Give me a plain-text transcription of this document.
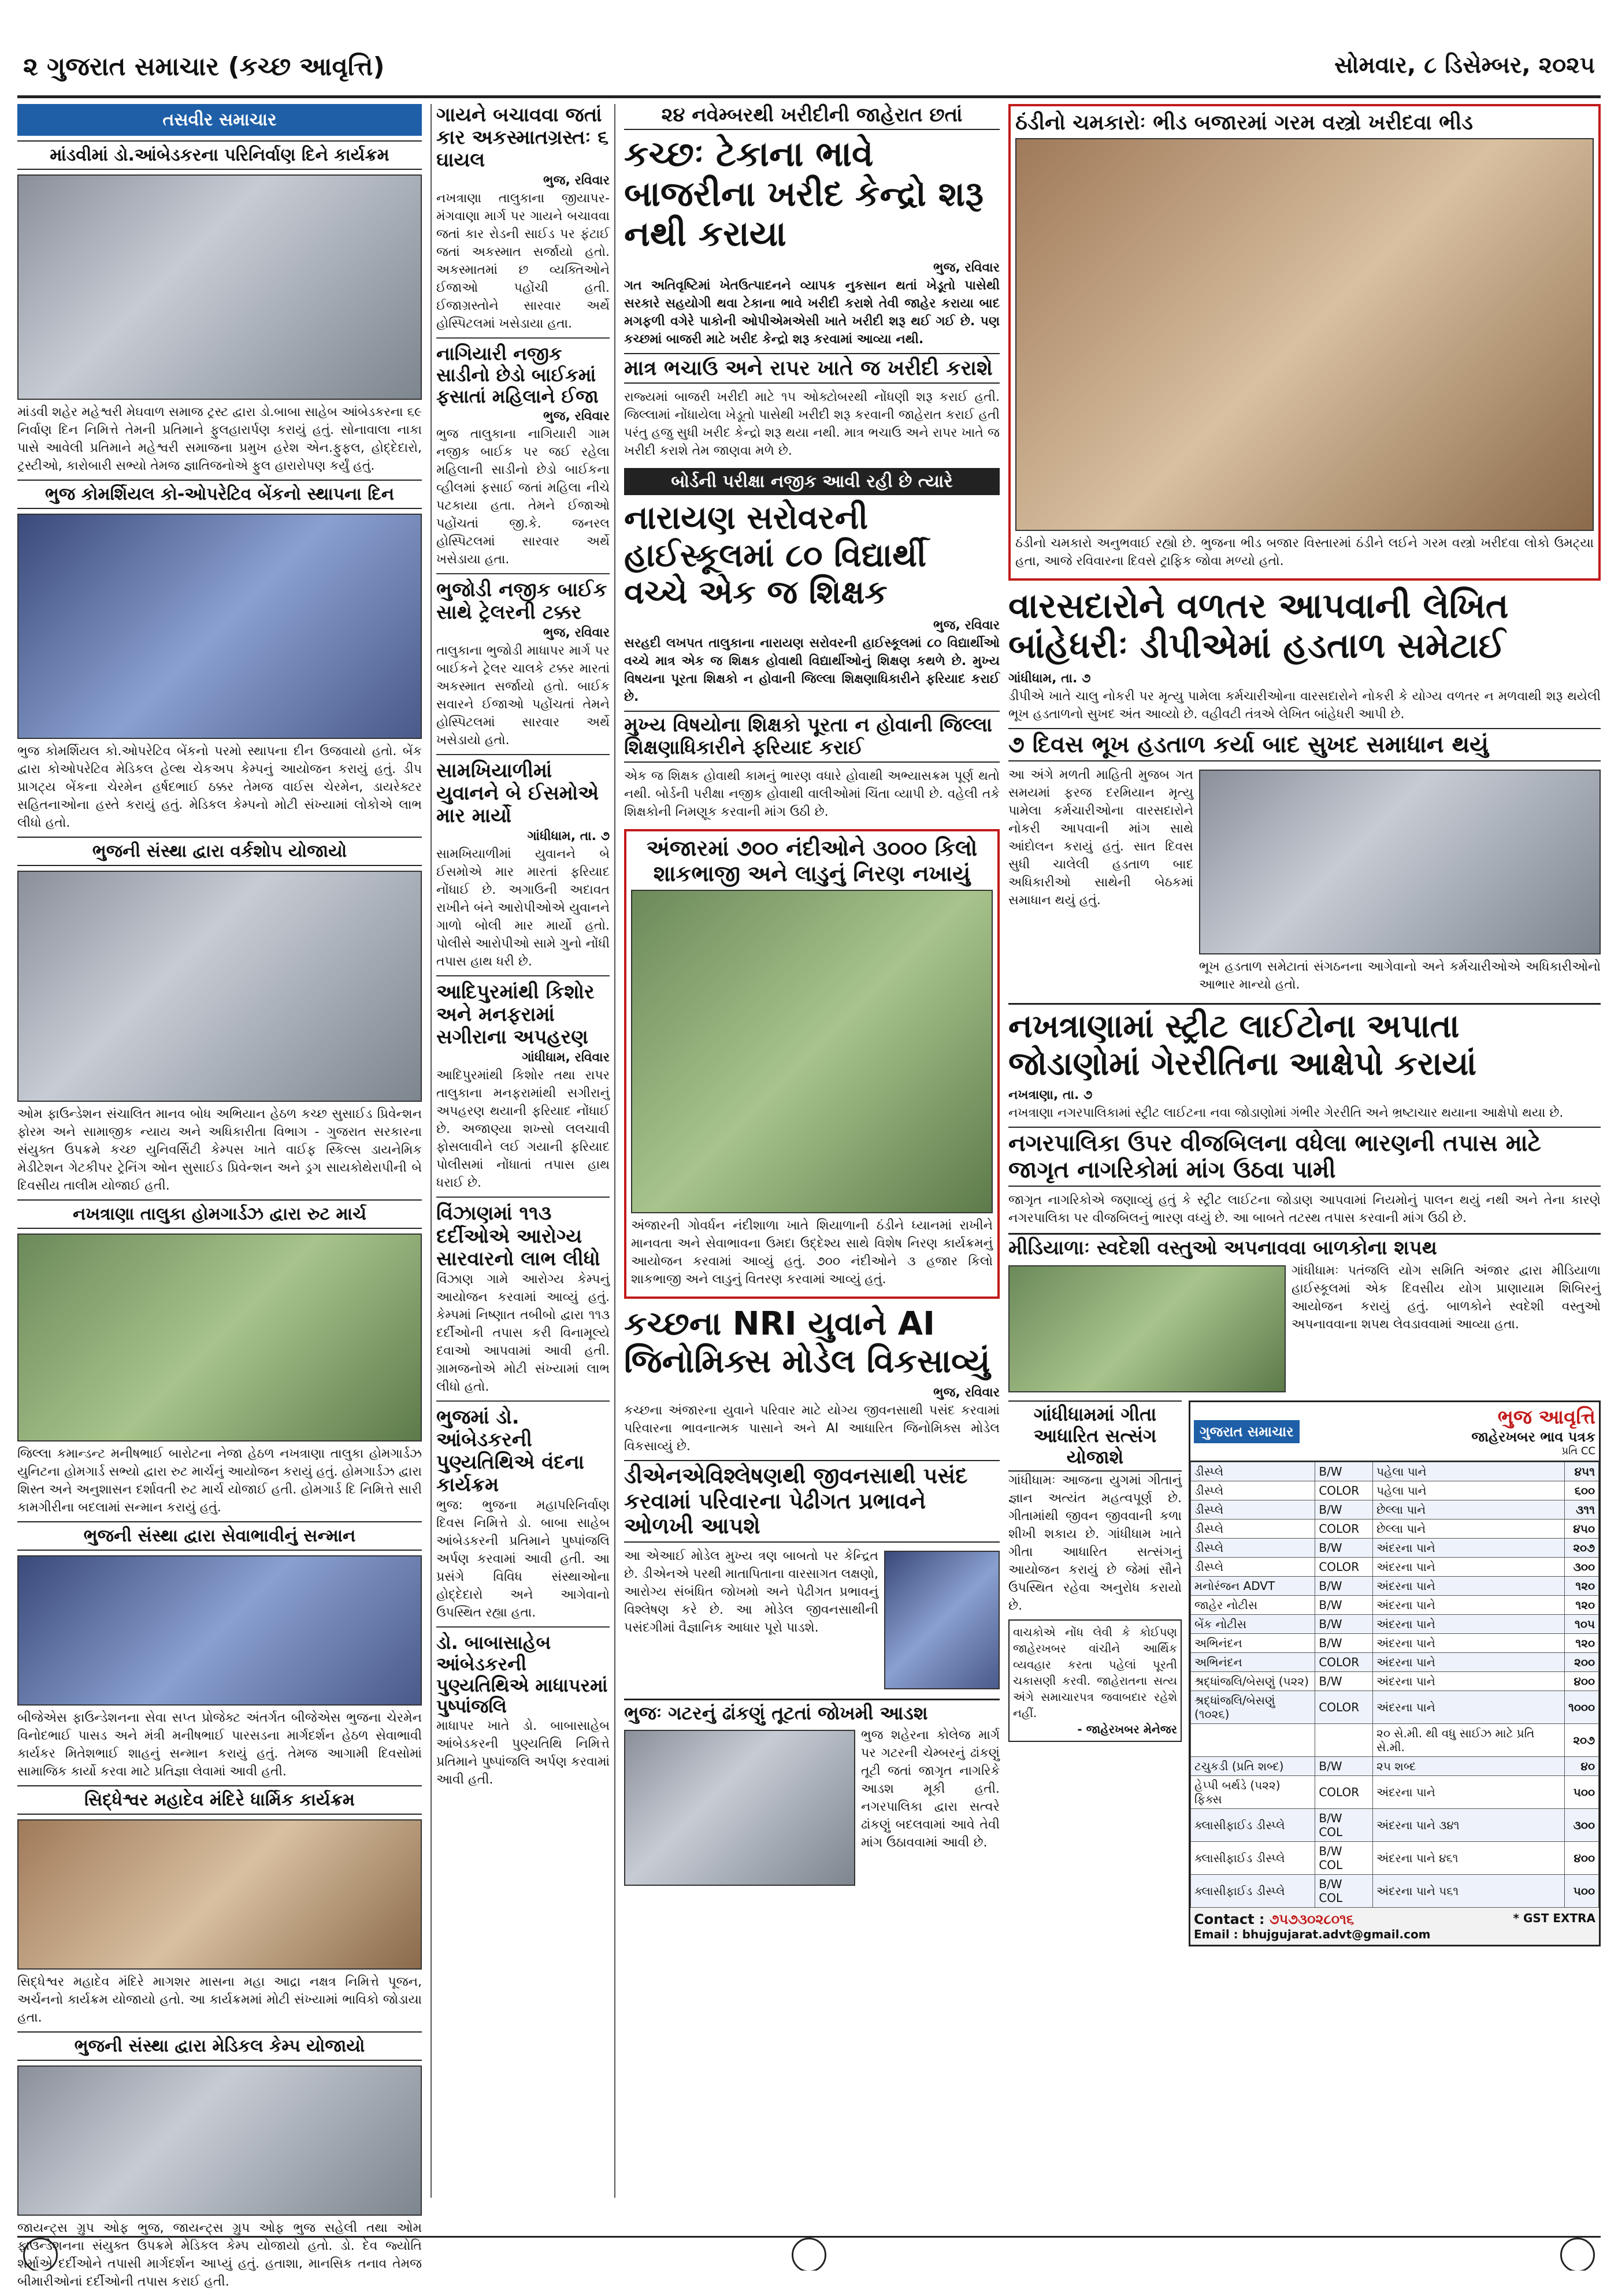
૨ ગુજરાત સમાચાર (કચ્છ આવૃત્તિ)	સોમવાર, ૮ ડિસેમ્બર, ૨૦૨૫
તસવીર સમાચાર
માંડવીમાં ડો.આંબેડકરના પરિનિર્વાણ દિને કાર્યક્રમ
માંડવી શહેર મહેશ્વરી મેઘવાળ સમાજ ટ્રસ્ટ દ્વારા ડો.બાબા સાહેબ આંબેડકરના ૬૯ નિર્વાણ દિન નિમિત્તે તેમની પ્રતિમાને ફુલહારાર્પણ કરાયું હતું. સોનાવાલા નાકા પાસે આવેલી પ્રતિમાને મહેશ્વરી સમાજના પ્રમુખ હરેશ એન.ફુફલ, હોદ્દેદારો, ટ્રસ્ટીઓ, કારોબારી સભ્યો તેમજ જ્ઞાતિજનોએ ફુલ હારારોપણ કર્યું હતું.
ભુજ કોમર્શિયલ કો-ઓપરેટિવ બેંકનો સ્થાપના દિન
ભુજ કોમર્શિયલ કો.ઓપરેટિવ બેંકનો પરમો સ્થાપના દીન ઉજવાયો હતો. બેંક દ્વારા કોઓપરેટિવ મેડિકલ હેલ્થ ચેકઅપ કેમ્પનું આયોજન કરાયું હતું. ડીપ પ્રાગટ્ય બેંકના ચેરમેન હર્ષદભાઈ ઠક્કર તેમજ વાઈસ ચેરમેન, ડાયરેક્ટર સહિતનાઓના હસ્તે કરાયું હતું. મેડિકલ કેમ્પનો મોટી સંખ્યામાં લોકોએ લાભ લીધો હતો.
ભુજની સંસ્થા દ્વારા વર્કશોપ યોજાયો
ઓમ ફાઉન્ડેશન સંચાલિત માનવ બોધ અભિયાન હેઠળ કચ્છ સુસાઈડ પ્રિવેન્શન ફોરમ અને સામાજીક ન્યાય અને અધિકારીતા વિભાગ - ગુજરાત સરકારના સંયુક્ત ઉપક્રમે કચ્છ યુનિવર્સિટી કેમ્પસ ખાતે વાઈફ સ્કિલ્સ ડાયનેમિક મેડીટેશન ગેટકીપર ટ્રેનિંગ ઓન સુસાઈડ પ્રિવેન્શન અને ડ્રગ સાયકોથેરાપીની બે દિવસીય તાલીમ યોજાઈ હતી.
નખત્રાણા તાલુકા હોમગાર્ડઝ દ્વારા રુટ માર્ચ
જિલ્લા કમાન્ડન્ટ મનીષભાઈ બારોટના નેજા હેઠળ નખત્રાણા તાલુકા હોમગાર્ડઝ યુનિટના હોમગાર્ડ સભ્યો દ્વારા રુટ માર્ચનું આયોજન કરાયું હતું. હોમગાર્ડઝ દ્વારા શિસ્ત અને અનુશાસન દર્શાવતી રુટ માર્ચ યોજાઈ હતી. હોમગાર્ડ દિ નિમિત્તે સારી કામગીરીના બદલામાં સન્માન કરાયું હતું.
ભુજની સંસ્થા દ્વારા સેવાભાવીનું સન્માન
બીજેએસ ફાઉન્ડેશનના સેવા સપ્ત પ્રોજેક્ટ અંતર્ગત બીજેએસ ભુજના ચેરમેન વિનોદભાઈ પાસડ અને મંત્રી મનીષભાઈ પારસડના માર્ગદર્શન હેઠળ સેવાભાવી કાર્યકર મિતેશભાઈ શાહનું સન્માન કરાયું હતું. તેમજ આગામી દિવસોમાં સામાજિક કાર્યો કરવા માટે પ્રતિજ્ઞા લેવામાં આવી હતી.
સિદ્ધેશ્વર મહાદેવ મંદિરે ધાર્મિક કાર્યક્રમ
સિદ્ધેશ્વર મહાદેવ મંદિરે માગશર માસના મહા આદ્રા નક્ષત્ર નિમિત્તે પૂજન, અર્ચનનો કાર્યક્રમ યોજાયો હતો. આ કાર્યક્રમમાં મોટી સંખ્યામાં ભાવિકો જોડાયા હતા.
ભુજની સંસ્થા દ્વારા મેડિકલ કેમ્પ યોજાયો
જાયન્ટ્સ ગ્રુપ ઓફ ભુજ, જાયન્ટ્સ ગ્રુપ ઓફ ભુજ સહેલી તથા ઓમ ફાઉન્ડેશનના સંયુક્ત ઉપક્રમે મેડિકલ કેમ્પ યોજાયો હતો. ડો. દેવ જ્યોતિ શર્માએ દર્દીઓને તપાસી માર્ગદર્શન આપ્યું હતું. હતાશા, માનસિક તનાવ તેમજ બીમારીઓનાં દર્દીઓની તપાસ કરાઈ હતી.
ગાયને બચાવવા જતાં કાર અકસ્માતગ્રસ્તઃ ૬ ઘાયલ
ભુજ, રવિવાર
નખત્રાણા તાલુકાના જીયાપર-મંગવાણા માર્ગ પર ગાયને બચાવવા જતાં કાર રોડની સાઈડ પર ફંટાઈ જતાં અકસ્માત સર્જાયો હતો. અકસ્માતમાં છ વ્યક્તિઓને ઈજાઓ પહોંચી હતી. ઈજાગ્રસ્તોને સારવાર અર્થે હોસ્પિટલમાં ખસેડાયા હતા.
નાગિયારી નજીક સાડીનો છેડો બાઈકમાં ફસાતાં મહિલાને ઈજા
ભુજ, રવિવાર
ભુજ તાલુકાના નાગિયારી ગામ નજીક બાઈક પર જઈ રહેલા મહિલાની સાડીનો છેડો બાઈકના વ્હીલમાં ફસાઈ જતાં મહિલા નીચે પટકાયા હતા. તેમને ઈજાઓ પહોંચતાં જી.કે. જનરલ હોસ્પિટલમાં સારવાર અર્થે ખસેડાયા હતા.
ભુજોડી નજીક બાઈક સાથે ટ્રેલરની ટક્કર
ભુજ, રવિવાર
તાલુકાના ભુજોડી માધાપર માર્ગ પર બાઈકને ટ્રેલર ચાલકે ટક્કર મારતાં અકસ્માત સર્જાયો હતો. બાઈક સવારને ઈજાઓ પહોંચતાં તેમને હોસ્પિટલમાં સારવાર અર્થે ખસેડાયો હતો.
સામખિયાળીમાં યુવાનને બે ઈસમોએ માર માર્યો
ગાંધીધામ, તા. ૭
સામખિયાળીમાં યુવાનને બે ઈસમોએ માર મારતાં ફરિયાદ નોંધાઈ છે. અગાઉની અદાવત રાખીને બંને આરોપીઓએ યુવાનને ગાળો બોલી માર માર્યો હતો. પોલીસે આરોપીઓ સામે ગુનો નોંધી તપાસ હાથ ધરી છે.
આદિપુરમાંથી કિશોર અને મનફરામાં સગીરાના અપહરણ
ગાંધીધામ, રવિવાર
આદિપુરમાંથી કિશોર તથા રાપર તાલુકાના મનફરામાંથી સગીરાનું અપહરણ થયાની ફરિયાદ નોંધાઈ છે. અજાણ્યા શખ્સો લલચાવી ફોસલાવીને લઈ ગયાની ફરિયાદ પોલીસમાં નોંધાતાં તપાસ હાથ ધરાઈ છે.
વિંઝાણમાં ૧૧૩ દર્દીઓએ આરોગ્ય સારવારનો લાભ લીધો
વિંઝાણ ગામે આરોગ્ય કેમ્પનું આયોજન કરવામાં આવ્યું હતું. કેમ્પમાં નિષ્ણાત તબીબો દ્વારા ૧૧૩ દર્દીઓની તપાસ કરી વિનામૂલ્યે દવાઓ આપવામાં આવી હતી. ગ્રામજનોએ મોટી સંખ્યામાં લાભ લીધો હતો.
ભુજમાં ડો. આંબેડકરની પુણ્યતિથિએ વંદના કાર્યક્રમ
ભુજ: ભુજના મહાપરિનિર્વાણ દિવસ નિમિત્તે ડો. બાબા સાહેબ આંબેડકરની પ્રતિમાને પુષ્પાંજલિ અર્પણ કરવામાં આવી હતી. આ પ્રસંગે વિવિધ સંસ્થાઓના હોદ્દેદારો અને આગેવાનો ઉપસ્થિત રહ્યા હતા.
ડો. બાબાસાહેબ આંબેડકરની પુણ્યતિથિએ માધાપરમાં પુષ્પાંજલિ
માધાપર ખાતે ડો. બાબાસાહેબ આંબેડકરની પુણ્યતિથિ નિમિત્તે પ્રતિમાને પુષ્પાંજલિ અર્પણ કરવામાં આવી હતી.
૨૪ નવેમ્બરથી ખરીદીની જાહેરાત છતાં
કચ્છઃ ટેકાના ભાવે બાજરીના ખરીદ કેન્દ્રો શરૂ નથી કરાયા
ભુજ, રવિવાર
ગત અતિવૃષ્ટિમાં ખેતઉત્પાદનને વ્યાપક નુકસાન થતાં ખેડૂતો પાસેથી સરકારે સહયોગી થવા ટેકાના ભાવે ખરીદી કરાશે તેવી જાહેર કરાયા બાદ મગફળી વગેરે પાકોની ઓપીએમએસી ખાતે ખરીદી શરૂ થઈ ગઈ છે. પણ કચ્છમાં બાજરી માટે ખરીદ કેન્દ્રો શરૂ કરવામાં આવ્યા નથી.
માત્ર ભચાઉ અને રાપર ખાતે જ ખરીદી કરાશે
રાજ્યમાં બાજરી ખરીદી માટે ૧૫ ઓક્ટોબરથી નોંધણી શરૂ કરાઈ હતી. જિલ્લામાં નોંધાયેલા ખેડૂતો પાસેથી ખરીદી શરૂ કરવાની જાહેરાત કરાઈ હતી પરંતુ હજુ સુધી ખરીદ કેન્દ્રો શરૂ થયા નથી. માત્ર ભચાઉ અને રાપર ખાતે જ ખરીદી કરાશે તેમ જાણવા મળે છે.
બોર્ડની પરીક્ષા નજીક આવી રહી છે ત્યારે
નારાયણ સરોવરની હાઈસ્કૂલમાં ૮૦ વિદ્યાર્થી વચ્ચે એક જ શિક્ષક
ભુજ, રવિવાર
સરહદી લખપત તાલુકાના નારાયણ સરોવરની હાઈસ્કૂલમાં ૮૦ વિદ્યાર્થીઓ વચ્ચે માત્ર એક જ શિક્ષક હોવાથી વિદ્યાર્થીઓનું શિક્ષણ કથળે છે. મુખ્ય વિષયના પૂરતા શિક્ષકો ન હોવાની જિલ્લા શિક્ષણાધિકારીને ફરિયાદ કરાઈ છે.
મુખ્ય વિષયોના શિક્ષકો પૂરતા ન હોવાની જિલ્લા શિક્ષણાધિકારીને ફરિયાદ કરાઈ
એક જ શિક્ષક હોવાથી કામનું ભારણ વધારે હોવાથી અભ્યાસક્રમ પૂર્ણ થતો નથી. બોર્ડની પરીક્ષા નજીક હોવાથી વાલીઓમાં ચિંતા વ્યાપી છે. વહેલી તકે શિક્ષકોની નિમણૂક કરવાની માંગ ઉઠી છે.
અંજારમાં ૭૦૦ નંદીઓને ૩૦૦૦ કિલો શાકભાજી અને લાડુનું નિરણ નખાયું
અંજારની ગોવર્ધન નંદીશાળા ખાતે શિયાળાની ઠંડીને ધ્યાનમાં રાખીને માનવતા અને સેવાભાવના ઉમદા ઉદ્દેશ્ય સાથે વિશેષ નિરણ કાર્યક્રમનું આયોજન કરવામાં આવ્યું હતું. ૭૦૦ નંદીઓને ૩ હજાર કિલો શાકભાજી અને લાડુનું વિતરણ કરવામાં આવ્યું હતું.
કચ્છના NRI યુવાને AI જિનોમિક્સ મોડેલ વિકસાવ્યું
ભુજ, રવિવાર
કચ્છના અંજારના યુવાને પરિવાર માટે યોગ્ય જીવનસાથી પસંદ કરવામાં પરિવારના ભાવનાત્મક પાસાને અને AI આધારિત જિનોમિક્સ મોડેલ વિકસાવ્યું છે.
ડીએનએવિશ્લેષણથી જીવનસાથી પસંદ કરવામાં પરિવારના પેઢીગત પ્રભાવને ઓળખી આપશે
આ એઆઈ મોડેલ મુખ્ય ત્રણ બાબતો પર કેન્દ્રિત છે. ડીએનએ પરથી માતાપિતાના વારસાગત લક્ષણો, આરોગ્ય સંબંધિત જોખમો અને પેઢીગત પ્રભાવનું વિશ્લેષણ કરે છે. આ મોડેલ જીવનસાથીની પસંદગીમાં વૈજ્ઞાનિક આધાર પૂરો પાડશે.
ભુજઃ ગટરનું ઢાંકણું તૂટતાં જોખમી આડશ
ભુજ શહેરના કોલેજ માર્ગ પર ગટરની ચેમ્બરનું ઢાંકણું તૂટી જતાં જાગૃત નાગરિકે આડશ મૂકી હતી. નગરપાલિકા દ્વારા સત્વરે ઢાંકણું બદલવામાં આવે તેવી માંગ ઉઠાવવામાં આવી છે.
ઠંડીનો ચમકારોઃ ભીડ બજારમાં ગરમ વસ્ત્રો ખરીદવા ભીડ
ઠંડીનો ચમકારો અનુભવાઈ રહ્યો છે. ભુજના ભીડ બજાર વિસ્તારમાં ઠંડીને લઈને ગરમ વસ્ત્રો ખરીદવા લોકો ઉમટ્યા હતા, આજે રવિવારના દિવસે ટ્રાફિક જોવા મળ્યો હતો.
વારસદારોને વળતર આપવાની લેખિત બાંહેધરીઃ ડીપીએમાં હડતાળ સમેટાઈ
ગાંધીધામ, તા. ૭
ડીપીએ ખાતે ચાલુ નોકરી પર મૃત્યુ પામેલા કર્મચારીઓના વારસદારોને નોકરી કે યોગ્ય વળતર ન મળવાથી શરૂ થયેલી ભૂખ હડતાળનો સુખદ અંત આવ્યો છે. વહીવટી તંત્રએ લેખિત બાંહેધરી આપી છે.
૭ દિવસ ભૂખ હડતાળ કર્યા બાદ સુખદ સમાધાન થયું
આ અંગે મળતી માહિતી મુજબ ગત સમયમાં ફરજ દરમિયાન મૃત્યુ પામેલા કર્મચારીઓના વારસદારોને નોકરી આપવાની માંગ સાથે આંદોલન કરાયું હતું. સાત દિવસ સુધી ચાલેલી હડતાળ બાદ અધિકારીઓ સાથેની બેઠકમાં સમાધાન થયું હતું.
ભૂખ હડતાળ સમેટાતાં સંગઠનના આગેવાનો અને કર્મચારીઓએ અધિકારીઓનો આભાર માન્યો હતો.
નખત્રાણામાં સ્ટ્રીટ લાઈટોના અપાતા જોડાણોમાં ગેરરીતિના આક્ષેપો કરાયાં
નખત્રાણા, તા. ૭
નખત્રાણા નગરપાલિકામાં સ્ટ્રીટ લાઈટના નવા જોડાણોમાં ગંભીર ગેરરીતિ અને ભ્રષ્ટાચાર થયાના આક્ષેપો થયા છે.
નગરપાલિકા ઉપર વીજબિલના વધેલા ભારણની તપાસ માટે જાગૃત નાગરિકોમાં માંગ ઉઠવા પામી
જાગૃત નાગરિકોએ જણાવ્યું હતું કે સ્ટ્રીટ લાઈટના જોડાણ આપવામાં નિયમોનું પાલન થયું નથી અને તેના કારણે નગરપાલિકા પર વીજબિલનું ભારણ વધ્યું છે. આ બાબતે તટસ્થ તપાસ કરવાની માંગ ઉઠી છે.
મીડિયાળાઃ સ્વદેશી વસ્તુઓ અપનાવવા બાળકોના શપથ
ગાંધીધામઃ પતંજલિ યોગ સમિતિ અંજાર દ્વારા મીડિયાળા હાઈસ્કૂલમાં એક દિવસીય યોગ પ્રાણાયામ શિબિરનું આયોજન કરાયું હતું. બાળકોને સ્વદેશી વસ્તુઓ અપનાવવાના શપથ લેવડાવવામાં આવ્યા હતા.
ગાંધીધામમાં ગીતા આધારિત સત્સંગ યોજાશે
ગાંધીધામઃ આજના યુગમાં ગીતાનું જ્ઞાન અત્યંત મહત્વપૂર્ણ છે. ગીતામાંથી જીવન જીવવાની કળા શીખી શકાય છે. ગાંધીધામ ખાતે ગીતા આધારિત સત્સંગનું આયોજન કરાયું છે જેમાં સૌને ઉપસ્થિત રહેવા અનુરોધ કરાયો છે.
વાચકોએ નોંધ લેવી કે કોઈપણ જાહેરખબર વાંચીને આર્થિક વ્યવહાર કરતા પહેલાં પૂરતી ચકાસણી કરવી. જાહેરાતના સત્ય અંગે સમાચારપત્ર જવાબદાર રહેશે નહીં.
- જાહેરખબર મેનેજર
ગુજરાત સમાચાર
ભુજ આવૃત્તિ
જાહેરખબર ભાવ પત્રક
પ્રતિ CC
ડીસ્પ્લે	B/W	પહેલા પાને	૪૫૧
ડીસ્પ્લે	COLOR	પહેલા પાને	૬૦૦
ડીસ્પ્લે	B/W	છેલ્લા પાને	૩૧૧
ડીસ્પ્લે	COLOR	છેલ્લા પાને	૪૫૦
ડીસ્પ્લે	B/W	અંદરના પાને	૨૦૭
ડીસ્પ્લે	COLOR	અંદરના પાને	૩૦૦
મનોરંજન ADVT	B/W	અંદરના પાને	૧૨૦
જાહેર નોટીસ	B/W	અંદરના પાને	૧૨૦
બેંક નોટીસ	B/W	અંદરના પાને	૧૦૫
અભિનંદન	B/W	અંદરના પાને	૧૨૦
અભિનંદન	COLOR	અંદરના પાને	૨૦૦
શ્રદ્ધાંજલિ/બેસણું (૫૨૨)	B/W	અંદરના પાને	૪૦૦
શ્રદ્ધાંજલિ/બેસણું (૧૦૨૬)	COLOR	અંદરના પાને	૧૦૦૦
		૨૦ સે.મી. થી વધુ સાઈઝ માટે પ્રતિ સે.મી.	૨૦૭
ટચુકડી (પ્રતિ શબ્દ)	B/W	૨૫ શબ્દ	૪૦
હેપ્પી બર્થડે (૫૨૨) ફિક્સ	COLOR	અંદરના પાને	૫૦૦
ક્લાસીફાઈડ ડીસ્પ્લે	B/W COL	અંદરના પાને ૩૪૧	૩૦૦
ક્લાસીફાઈડ ડીસ્પ્લે	B/W COL	અંદરના પાને ૪૬૧	૪૦૦
ક્લાસીફાઈડ ડીસ્પ્લે	B/W COL	અંદરના પાને ૫૬૧	૫૦૦
Contact : ૭૫૭૩૦૨૮૦૧૬	* GST EXTRA
Email : bhujgujarat.advt@gmail.com
